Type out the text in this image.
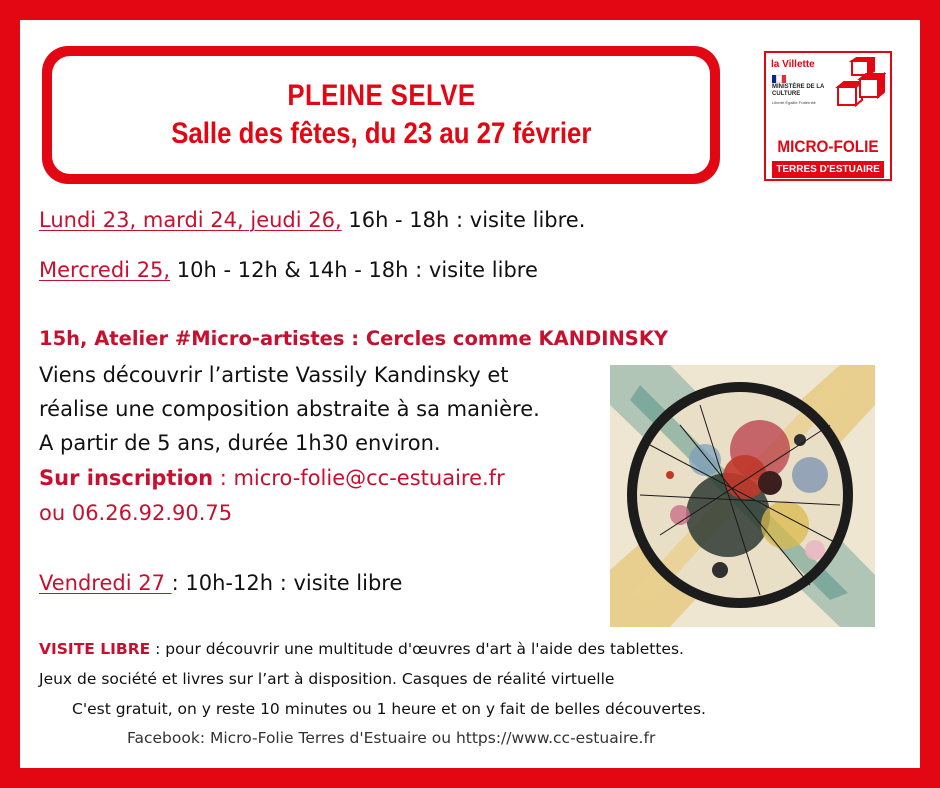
PLEINE SELVE
Salle des fêtes, du 23 au 27 février
la Villette
MINISTÈRE DE LA CULTURE
Liberté Égalité Fraternité
MICRO-FOLIE
TERRES D'ESTUAIRE
Lundi 23, mardi 24, jeudi 26, 16h - 18h : visite libre.
Mercredi 25, 10h - 12h & 14h - 18h : visite libre
15h, Atelier #Micro-artistes : Cercles comme KANDINSKY
Viens découvrir l’artiste Vassily Kandinsky et
réalise une composition abstraite à sa manière.
A partir de 5 ans, durée 1h30 environ.
Sur inscription : micro-folie@cc-estuaire.fr
ou 06.26.92.90.75
Vendredi 27 : 10h-12h : visite libre
VISITE LIBRE : pour découvrir une multitude d'œuvres d'art à l'aide des tablettes.
Jeux de société et livres sur l’art à disposition. Casques de réalité virtuelle
C'est gratuit, on y reste 10 minutes ou 1 heure et on y fait de belles découvertes.
Facebook: Micro-Folie Terres d'Estuaire ou https://www.cc-estuaire.fr
